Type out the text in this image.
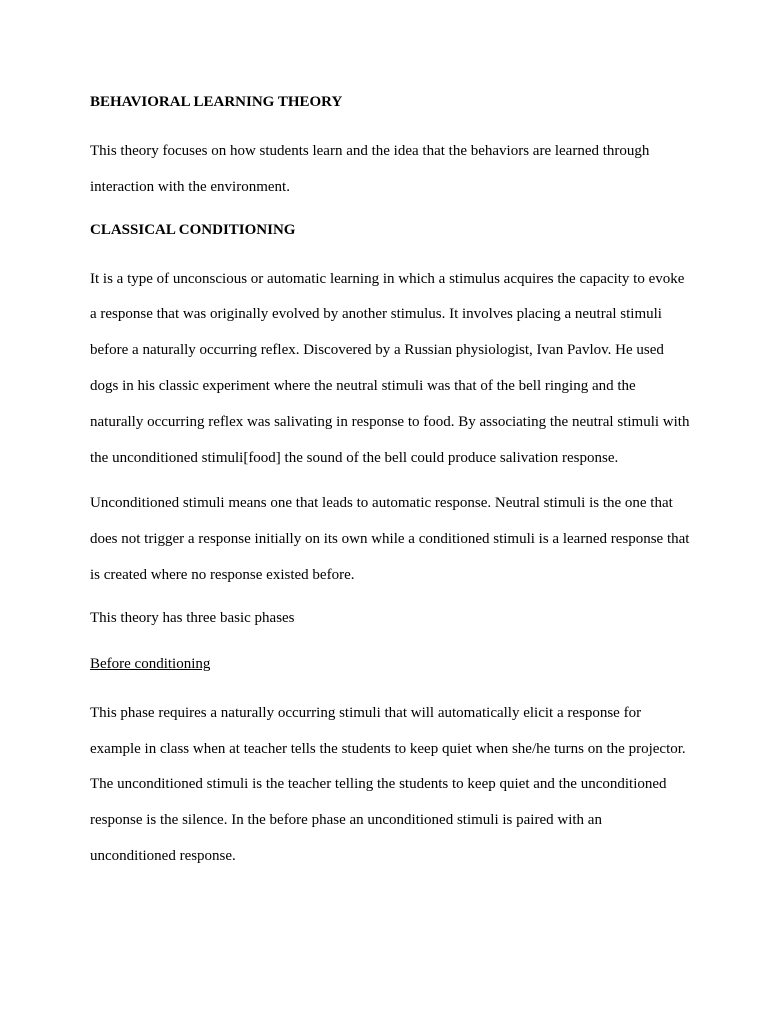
BEHAVIORAL LEARNING THEORY
This theory focuses on how students learn and the idea that the behaviors are learned through interaction with the environment.
CLASSICAL CONDITIONING
It is a type of unconscious or automatic learning in which a stimulus acquires the capacity to evoke a response that was originally evolved by another stimulus. It involves placing a neutral stimuli before a naturally occurring reflex. Discovered by a Russian physiologist, Ivan Pavlov. He used dogs in his classic experiment where the neutral stimuli was that of the bell ringing and the naturally occurring reflex was salivating in response to food. By associating the neutral stimuli with the unconditioned stimuli[food] the sound of the bell could produce salivation response.
Unconditioned stimuli means one that leads to automatic response. Neutral stimuli is the one that does not trigger a response initially on its own while a conditioned stimuli is a learned response that is created where no response existed before.
This theory has three basic phases
Before conditioning
This phase requires a naturally occurring stimuli that will automatically elicit a response for example in class when at teacher tells the students to keep quiet when she/he turns on the projector. The unconditioned stimuli is the teacher telling the students to keep quiet and the unconditioned response is the silence. In the before phase an unconditioned stimuli is paired with an unconditioned response.
